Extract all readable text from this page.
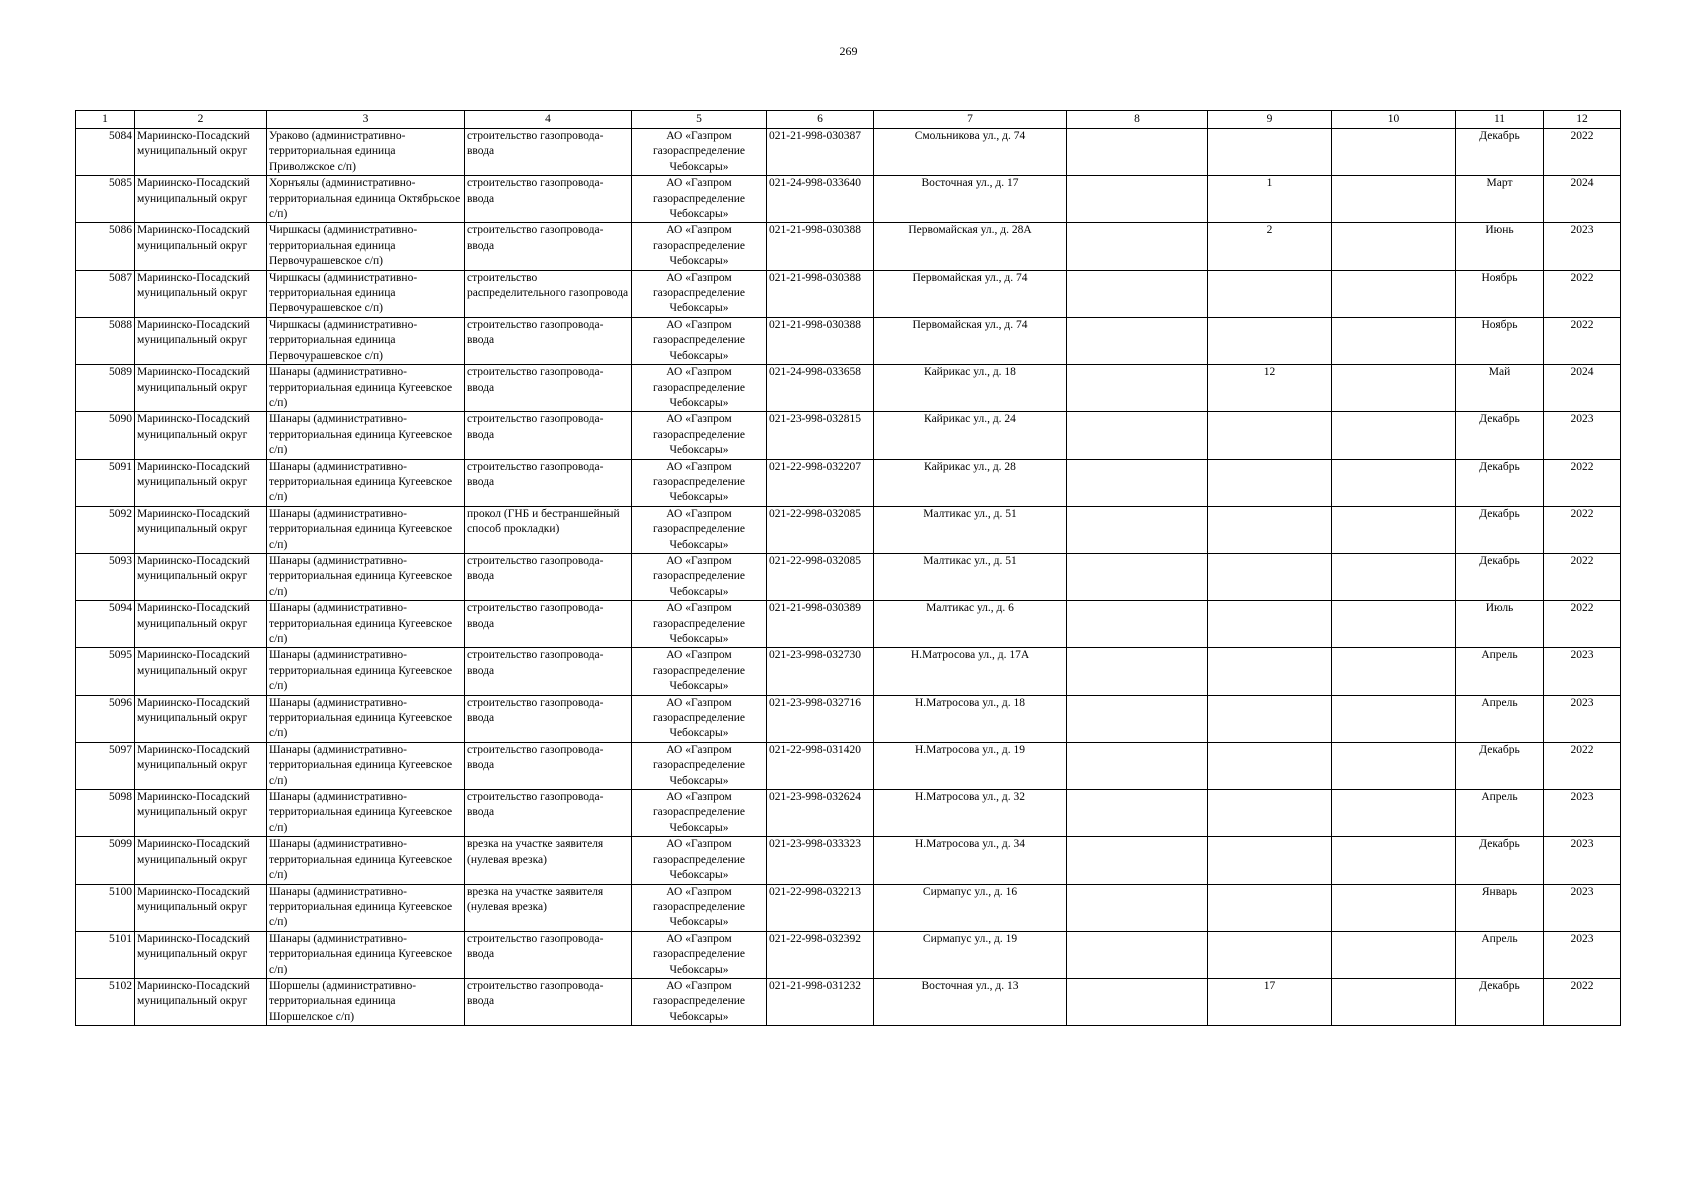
269
1	2	3	4	5	6	7	8	9	10	11	12
5084	Мариинско-Посадский муниципальный округ	Ураково (административно-территориальная единица Приволжское с/п)	строительство газопровода-ввода	АО «Газпром газораспределение Чебоксары»	021-21-998-030387	Смольникова ул., д. 74				Декабрь	2022
5085	Мариинско-Посадский муниципальный округ	Хорнъялы (административно-территориальная единица Октябрьское с/п)	строительство газопровода-ввода	АО «Газпром газораспределение Чебоксары»	021-24-998-033640	Восточная ул., д. 17		1		Март	2024
5086	Мариинско-Посадский муниципальный округ	Чиршкасы (административно-территориальная единица Первочурашевское с/п)	строительство газопровода-ввода	АО «Газпром газораспределение Чебоксары»	021-21-998-030388	Первомайская ул., д. 28А		2		Июнь	2023
5087	Мариинско-Посадский муниципальный округ	Чиршкасы (административно-территориальная единица Первочурашевское с/п)	строительство распределительного газопровода	АО «Газпром газораспределение Чебоксары»	021-21-998-030388	Первомайская ул., д. 74				Ноябрь	2022
5088	Мариинско-Посадский муниципальный округ	Чиршкасы (административно-территориальная единица Первочурашевское с/п)	строительство газопровода-ввода	АО «Газпром газораспределение Чебоксары»	021-21-998-030388	Первомайская ул., д. 74				Ноябрь	2022
5089	Мариинско-Посадский муниципальный округ	Шанары (административно-территориальная единица Кугеевское с/п)	строительство газопровода-ввода	АО «Газпром газораспределение Чебоксары»	021-24-998-033658	Кайрикас ул., д. 18		12		Май	2024
5090	Мариинско-Посадский муниципальный округ	Шанары (административно-территориальная единица Кугеевское с/п)	строительство газопровода-ввода	АО «Газпром газораспределение Чебоксары»	021-23-998-032815	Кайрикас ул., д. 24				Декабрь	2023
5091	Мариинско-Посадский муниципальный округ	Шанары (административно-территориальная единица Кугеевское с/п)	строительство газопровода-ввода	АО «Газпром газораспределение Чебоксары»	021-22-998-032207	Кайрикас ул., д. 28				Декабрь	2022
5092	Мариинско-Посадский муниципальный округ	Шанары (административно-территориальная единица Кугеевское с/п)	прокол (ГНБ и бестраншейный способ прокладки)	АО «Газпром газораспределение Чебоксары»	021-22-998-032085	Малтикас ул., д. 51				Декабрь	2022
5093	Мариинско-Посадский муниципальный округ	Шанары (административно-территориальная единица Кугеевское с/п)	строительство газопровода-ввода	АО «Газпром газораспределение Чебоксары»	021-22-998-032085	Малтикас ул., д. 51				Декабрь	2022
5094	Мариинско-Посадский муниципальный округ	Шанары (административно-территориальная единица Кугеевское с/п)	строительство газопровода-ввода	АО «Газпром газораспределение Чебоксары»	021-21-998-030389	Малтикас ул., д. 6				Июль	2022
5095	Мариинско-Посадский муниципальный округ	Шанары (административно-территориальная единица Кугеевское с/п)	строительство газопровода-ввода	АО «Газпром газораспределение Чебоксары»	021-23-998-032730	Н.Матросова ул., д. 17А				Апрель	2023
5096	Мариинско-Посадский муниципальный округ	Шанары (административно-территориальная единица Кугеевское с/п)	строительство газопровода-ввода	АО «Газпром газораспределение Чебоксары»	021-23-998-032716	Н.Матросова ул., д. 18				Апрель	2023
5097	Мариинско-Посадский муниципальный округ	Шанары (административно-территориальная единица Кугеевское с/п)	строительство газопровода-ввода	АО «Газпром газораспределение Чебоксары»	021-22-998-031420	Н.Матросова ул., д. 19				Декабрь	2022
5098	Мариинско-Посадский муниципальный округ	Шанары (административно-территориальная единица Кугеевское с/п)	строительство газопровода-ввода	АО «Газпром газораспределение Чебоксары»	021-23-998-032624	Н.Матросова ул., д. 32				Апрель	2023
5099	Мариинско-Посадский муниципальный округ	Шанары (административно-территориальная единица Кугеевское с/п)	врезка на участке заявителя (нулевая врезка)	АО «Газпром газораспределение Чебоксары»	021-23-998-033323	Н.Матросова ул., д. 34				Декабрь	2023
5100	Мариинско-Посадский муниципальный округ	Шанары (административно-территориальная единица Кугеевское с/п)	врезка на участке заявителя (нулевая врезка)	АО «Газпром газораспределение Чебоксары»	021-22-998-032213	Сирмапус ул., д. 16				Январь	2023
5101	Мариинско-Посадский муниципальный округ	Шанары (административно-территориальная единица Кугеевское с/п)	строительство газопровода-ввода	АО «Газпром газораспределение Чебоксары»	021-22-998-032392	Сирмапус ул., д. 19				Апрель	2023
5102	Мариинско-Посадский муниципальный округ	Шоршелы (административно-территориальная единица Шоршелское с/п)	строительство газопровода-ввода	АО «Газпром газораспределение Чебоксары»	021-21-998-031232	Восточная ул., д. 13		17		Декабрь	2022
